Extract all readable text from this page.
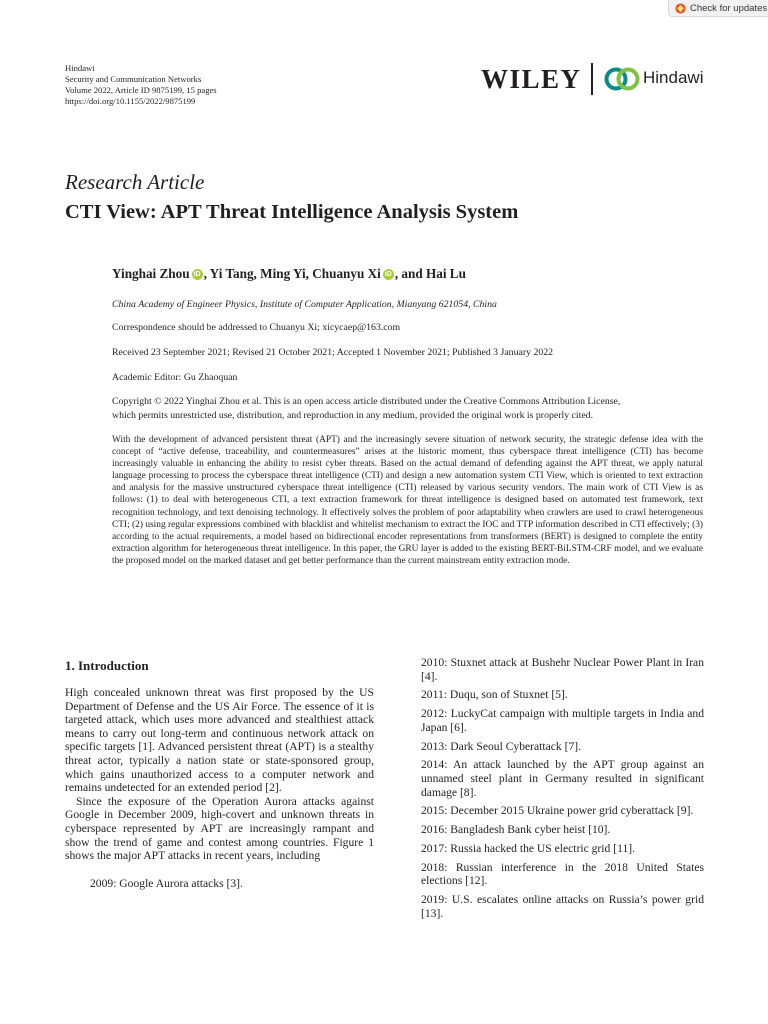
Check for updates
Hindawi
Security and Communication Networks
Volume 2022, Article ID 9875199, 15 pages
https://doi.org/10.1155/2022/9875199
WILEY	Hindawi
Research Article
CTI View: APT Threat Intelligence Analysis System
Yinghai Zhou iD , Yi Tang, Ming Yi, Chuanyu Xi iD , and Hai Lu
China Academy of Engineer Physics, Institute of Computer Application, Mianyang 621054, China
Correspondence should be addressed to Chuanyu Xi; xicycaep@163.com
Received 23 September 2021; Revised 21 October 2021; Accepted 1 November 2021; Published 3 January 2022
Academic Editor: Gu Zhaoquan
Copyright © 2022 Yinghai Zhou et al. This is an open access article distributed under the Creative Commons Attribution License,
which permits unrestricted use, distribution, and reproduction in any medium, provided the original work is properly cited.
With the development of advanced persistent threat (APT) and the increasingly severe situation of network security, the strategic defense idea with the concept of “active defense, traceability, and countermeasures” arises at the historic moment, thus cyberspace threat intelligence (CTI) has become increasingly valuable in enhancing the ability to resist cyber threats. Based on the actual demand of defending against the APT threat, we apply natural language processing to process the cyberspace threat intelligence (CTI) and design a new automation system CTI View, which is oriented to text extraction and analysis for the massive unstructured cyberspace threat intelligence (CTI) released by various security vendors. The main work of CTI View is as follows: (1) to deal with heterogeneous CTI, a text extraction framework for threat intelligence is designed based on automated test framework, text recognition technology, and text denoising technology. It effectively solves the problem of poor adaptability when crawlers are used to crawl heterogeneous CTI; (2) using regular expressions combined with blacklist and whitelist mechanism to extract the IOC and TTP information described in CTI effectively; (3) according to the actual requirements, a model based on bidirectional encoder representations from transformers (BERT) is designed to complete the entity extraction algorithm for heterogeneous threat intelligence. In this paper, the GRU layer is added to the existing BERT-BiLSTM-CRF model, and we evaluate the proposed model on the marked dataset and get better performance than the current mainstream entity extraction mode.
1. Introduction

High concealed unknown threat was first proposed by the US Department of Defense and the US Air Force. The essence of it is targeted attack, which uses more advanced and stealthiest attack means to carry out long-term and continuous network attack on specific targets [1]. Advanced persistent threat (APT) is a stealthy threat actor, typically a nation state or state-sponsored group, which gains unauthorized access to a computer network and remains undetected for an extended period [2].

Since the exposure of the Operation Aurora attacks against Google in December 2009, high-covert and unknown threats in cyberspace represented by APT are increasingly rampant and show the trend of game and contest among countries. Figure 1 shows the major APT attacks in recent years, including

2009: Google Aurora attacks [3].
2010: Stuxnet attack at Bushehr Nuclear Power Plant in Iran [4].
2011: Duqu, son of Stuxnet [5].
2012: LuckyCat campaign with multiple targets in India and Japan [6].
2013: Dark Seoul Cyberattack [7].
2014: An attack launched by the APT group against an unnamed steel plant in Germany resulted in significant damage [8].
2015: December 2015 Ukraine power grid cyberattack [9].
2016: Bangladesh Bank cyber heist [10].
2017: Russia hacked the US electric grid [11].
2018: Russian interference in the 2018 United States elections [12].
2019: U.S. escalates online attacks on Russia’s power grid [13].
